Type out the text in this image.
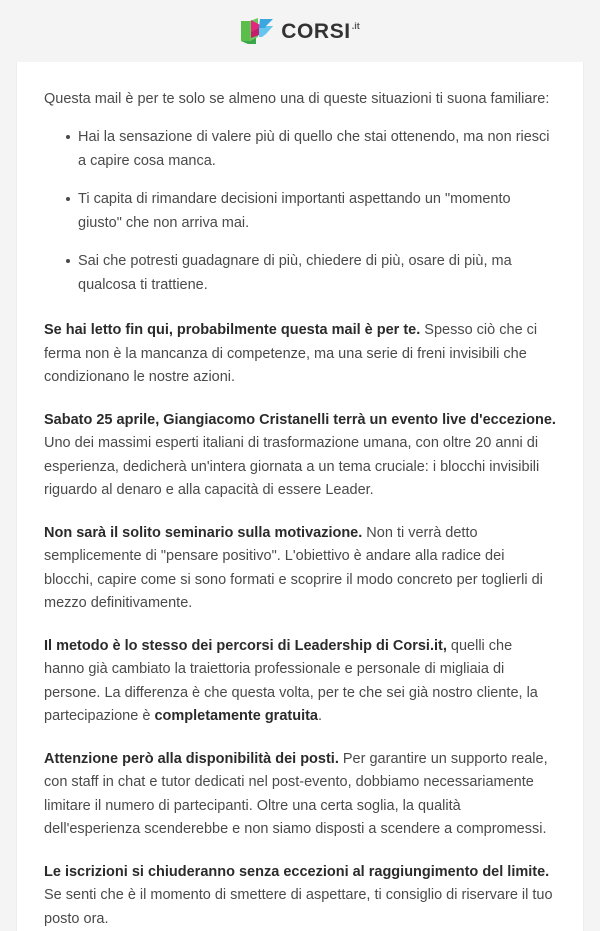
CORSI .it

Questa mail è per te solo se almeno una di queste situazioni ti suona familiare:

Hai la sensazione di valere più di quello che stai ottenendo, ma non riesci a capire cosa manca.
Ti capita di rimandare decisioni importanti aspettando un "momento giusto" che non arriva mai.
Sai che potresti guadagnare di più, chiedere di più, osare di più, ma qualcosa ti trattiene.

Se hai letto fin qui, probabilmente questa mail è per te. Spesso ciò che ci ferma non è la mancanza di competenze, ma una serie di freni invisibili che condizionano le nostre azioni.

Sabato 25 aprile, Giangiacomo Cristanelli terrà un evento live d'eccezione. Uno dei massimi esperti italiani di trasformazione umana, con oltre 20 anni di esperienza, dedicherà un'intera giornata a un tema cruciale: i blocchi invisibili riguardo al denaro e alla capacità di essere Leader.

Non sarà il solito seminario sulla motivazione. Non ti verrà detto semplicemente di "pensare positivo". L'obiettivo è andare alla radice dei blocchi, capire come si sono formati e scoprire il modo concreto per toglierli di mezzo definitivamente.

Il metodo è lo stesso dei percorsi di Leadership di Corsi.it, quelli che hanno già cambiato la traiettoria professionale e personale di migliaia di persone. La differenza è che questa volta, per te che sei già nostro cliente, la partecipazione è completamente gratuita.

Attenzione però alla disponibilità dei posti. Per garantire un supporto reale, con staff in chat e tutor dedicati nel post-evento, dobbiamo necessariamente limitare il numero di partecipanti. Oltre una certa soglia, la qualità dell'esperienza scenderebbe e non siamo disposti a scendere a compromessi.

Le iscrizioni si chiuderanno senza eccezioni al raggiungimento del limite. Se senti che è il momento di smettere di aspettare, ti consiglio di riservare il tuo posto ora.
